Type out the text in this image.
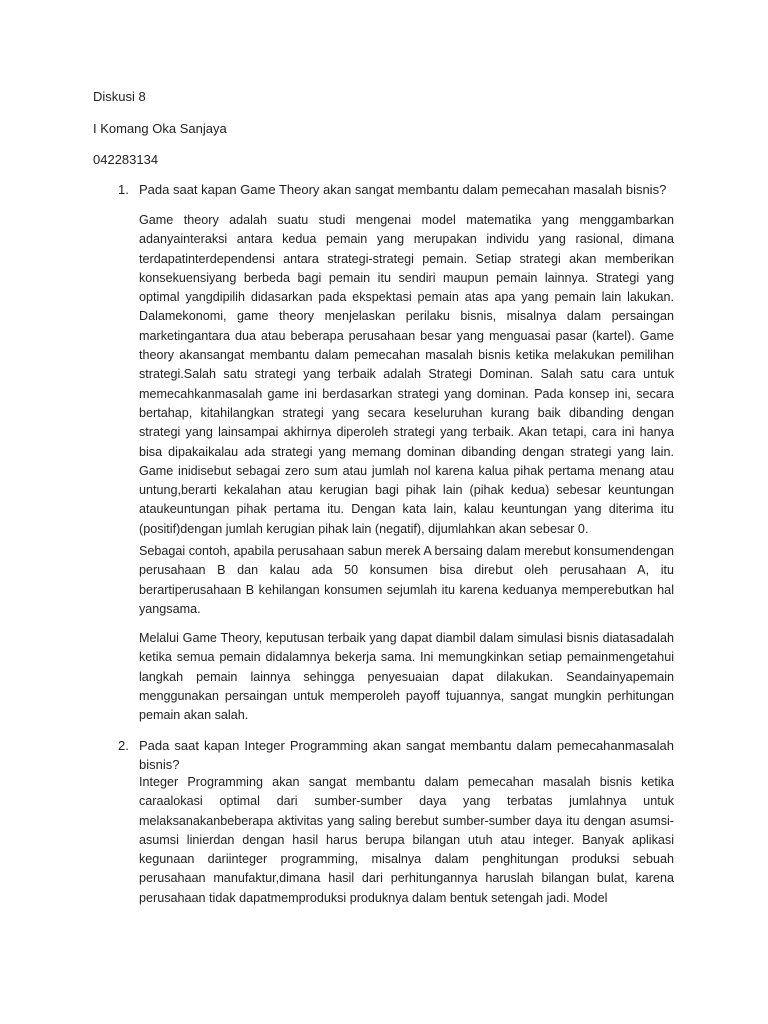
Diskusi 8

I Komang Oka Sanjaya

042283134

1. Pada saat kapan Game Theory akan sangat membantu dalam pemecahan masalah bisnis?

Game theory adalah suatu studi mengenai model matematika yang menggambarkan adanyainteraksi antara kedua pemain yang merupakan individu yang rasional, dimana terdapatinterdependensi antara strategi-strategi pemain. Setiap strategi akan memberikan konsekuensiyang berbeda bagi pemain itu sendiri maupun pemain lainnya. Strategi yang optimal yangdipilih didasarkan pada ekspektasi pemain atas apa yang pemain lain lakukan. Dalamekonomi, game theory menjelaskan perilaku bisnis, misalnya dalam persaingan marketingantara dua atau beberapa perusahaan besar yang menguasai pasar (kartel). Game theory akansangat membantu dalam pemecahan masalah bisnis ketika melakukan pemilihan strategi.Salah satu strategi yang terbaik adalah Strategi Dominan. Salah satu cara untuk memecahkanmasalah game ini berdasarkan strategi yang dominan. Pada konsep ini, secara bertahap, kitahilangkan strategi yang secara keseluruhan kurang baik dibanding dengan strategi yang lainsampai akhirnya diperoleh strategi yang terbaik. Akan tetapi, cara ini hanya bisa dipakaikalau ada strategi yang memang dominan dibanding dengan strategi yang lain. Game inidisebut sebagai zero sum atau jumlah nol karena kalua pihak pertama menang atau untung,berarti kekalahan atau kerugian bagi pihak lain (pihak kedua) sebesar keuntungan ataukeuntungan pihak pertama itu. Dengan kata lain, kalau keuntungan yang diterima itu (positif)dengan jumlah kerugian pihak lain (negatif), dijumlahkan akan sebesar 0.

Sebagai contoh, apabila perusahaan sabun merek A bersaing dalam merebut konsumendengan perusahaan B dan kalau ada 50 konsumen bisa direbut oleh perusahaan A, itu berartiperusahaan B kehilangan konsumen sejumlah itu karena keduanya memperebutkan hal yangsama.

Melalui Game Theory, keputusan terbaik yang dapat diambil dalam simulasi bisnis diatasadalah ketika semua pemain didalamnya bekerja sama. Ini memungkinkan setiap pemainmengetahui langkah pemain lainnya sehingga penyesuaian dapat dilakukan. Seandainyapemain menggunakan persaingan untuk memperoleh payoff tujuannya, sangat mungkin perhitungan pemain akan salah.

2. Pada saat kapan Integer Programming akan sangat membantu dalam pemecahanmasalah bisnis?

Integer Programming akan sangat membantu dalam pemecahan masalah bisnis ketika caraalokasi optimal dari sumber-sumber daya yang terbatas jumlahnya untuk melaksanakanbeberapa aktivitas yang saling berebut sumber-sumber daya itu dengan asumsi-asumsi linierdan dengan hasil harus berupa bilangan utuh atau integer. Banyak aplikasi kegunaan dariinteger programming, misalnya dalam penghitungan produksi sebuah perusahaan manufaktur,dimana hasil dari perhitungannya haruslah bilangan bulat, karena perusahaan tidak dapatmemproduksi produknya dalam bentuk setengah jadi. Model
